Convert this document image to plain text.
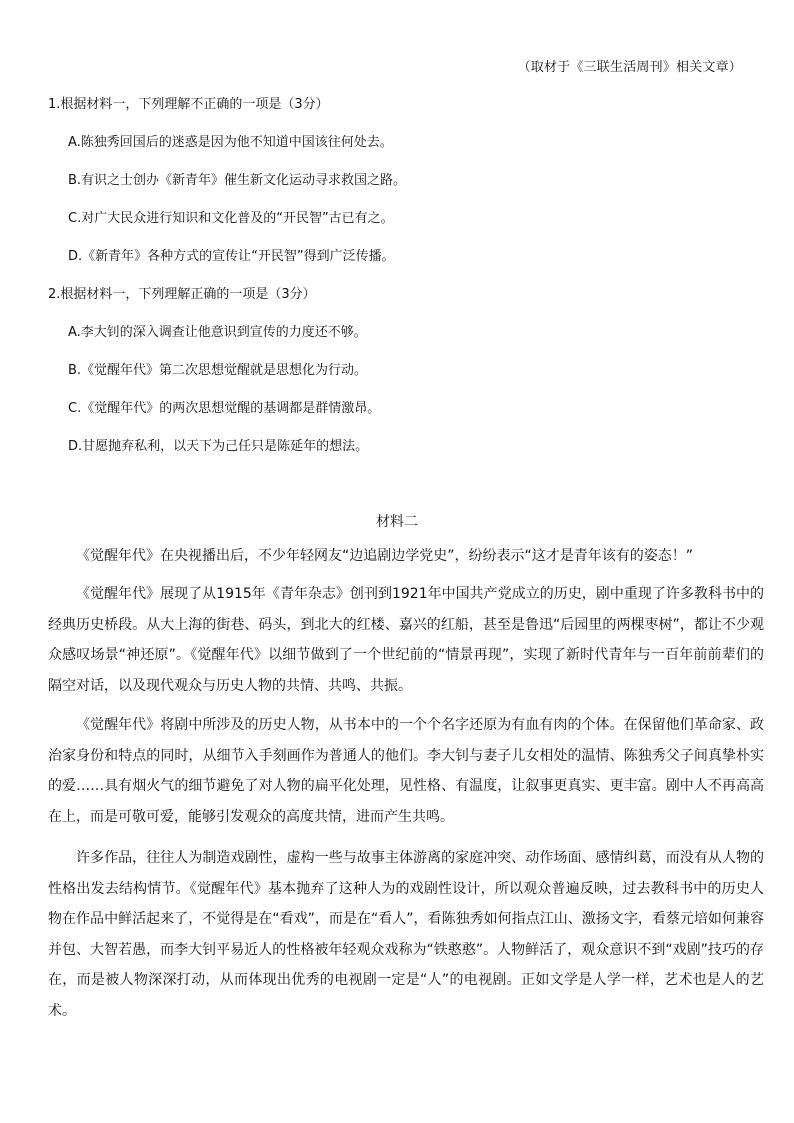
（取材于《三联生活周刊》相关文章）
1.根据材料一，下列理解不正确的一项是（3分）
A.陈独秀回国后的迷惑是因为他不知道中国该往何处去。
B.有识之士创办《新青年》催生新文化运动寻求救国之路。
C.对广大民众进行知识和文化普及的“开民智”古已有之。
D.《新青年》各种方式的宣传让“开民智”得到广泛传播。
2.根据材料一，下列理解正确的一项是（3分）
A.李大钊的深入调查让他意识到宣传的力度还不够。
B.《觉醒年代》第二次思想觉醒就是思想化为行动。
C.《觉醒年代》的两次思想觉醒的基调都是群情激昂。
D.甘愿抛弃私利，以天下为己任只是陈延年的想法。
材料二
《觉醒年代》在央视播出后，不少年轻网友“边追剧边学党史”，纷纷表示“这才是青年该有的姿态！”
《觉醒年代》展现了从1915年《青年杂志》创刊到1921年中国共产党成立的历史，剧中重现了许多教科书中的经典历史桥段。从大上海的街巷、码头，到北大的红楼、嘉兴的红船，甚至是鲁迅“后园里的两棵枣树”，都让不少观众感叹场景“神还原”。《觉醒年代》以细节做到了一个世纪前的“情景再现”，实现了新时代青年与一百年前前辈们的隔空对话，以及现代观众与历史人物的共情、共鸣、共振。
《觉醒年代》将剧中所涉及的历史人物，从书本中的一个个名字还原为有血有肉的个体。在保留他们革命家、政治家身份和特点的同时，从细节入手刻画作为普通人的他们。李大钊与妻子儿女相处的温情、陈独秀父子间真挚朴实的爱……具有烟火气的细节避免了对人物的扁平化处理，见性格、有温度，让叙事更真实、更丰富。剧中人不再高高在上，而是可敬可爱，能够引发观众的高度共情，进而产生共鸣。
许多作品，往往人为制造戏剧性，虚构一些与故事主体游离的家庭冲突、动作场面、感情纠葛，而没有从人物的性格出发去结构情节。《觉醒年代》基本抛弃了这种人为的戏剧性设计，所以观众普遍反映，过去教科书中的历史人物在作品中鲜活起来了，不觉得是在“看戏”，而是在“看人”，看陈独秀如何指点江山、激扬文字，看蔡元培如何兼容并包、大智若愚，而李大钊平易近人的性格被年轻观众戏称为“铁憨憨”。人物鲜活了，观众意识不到“戏剧”技巧的存在，而是被人物深深打动，从而体现出优秀的电视剧一定是“人”的电视剧。正如文学是人学一样，艺术也是人的艺术。
